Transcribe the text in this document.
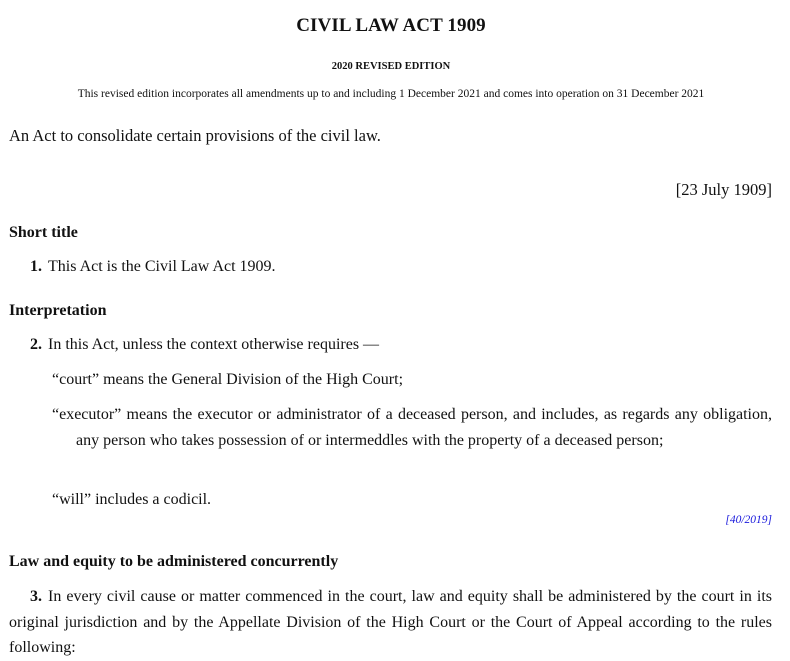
CIVIL LAW ACT 1909
2020 REVISED EDITION
This revised edition incorporates all amendments up to and including 1 December 2021 and comes into operation on 31 December 2021
An Act to consolidate certain provisions of the civil law.
[23 July 1909]
Short title
1. This Act is the Civil Law Act 1909.
Interpretation
2. In this Act, unless the context otherwise requires —
“court” means the General Division of the High Court;
“executor” means the executor or administrator of a deceased person, and includes, as regards any obligation, any person who takes possession of or intermeddles with the property of a deceased person;
“will” includes a codicil.
[40/2019]
Law and equity to be administered concurrently
3. In every civil cause or matter commenced in the court, law and equity shall be administered by the court in its original jurisdiction and by the Appellate Division of the High Court or the Court of Appeal according to the rules following:
